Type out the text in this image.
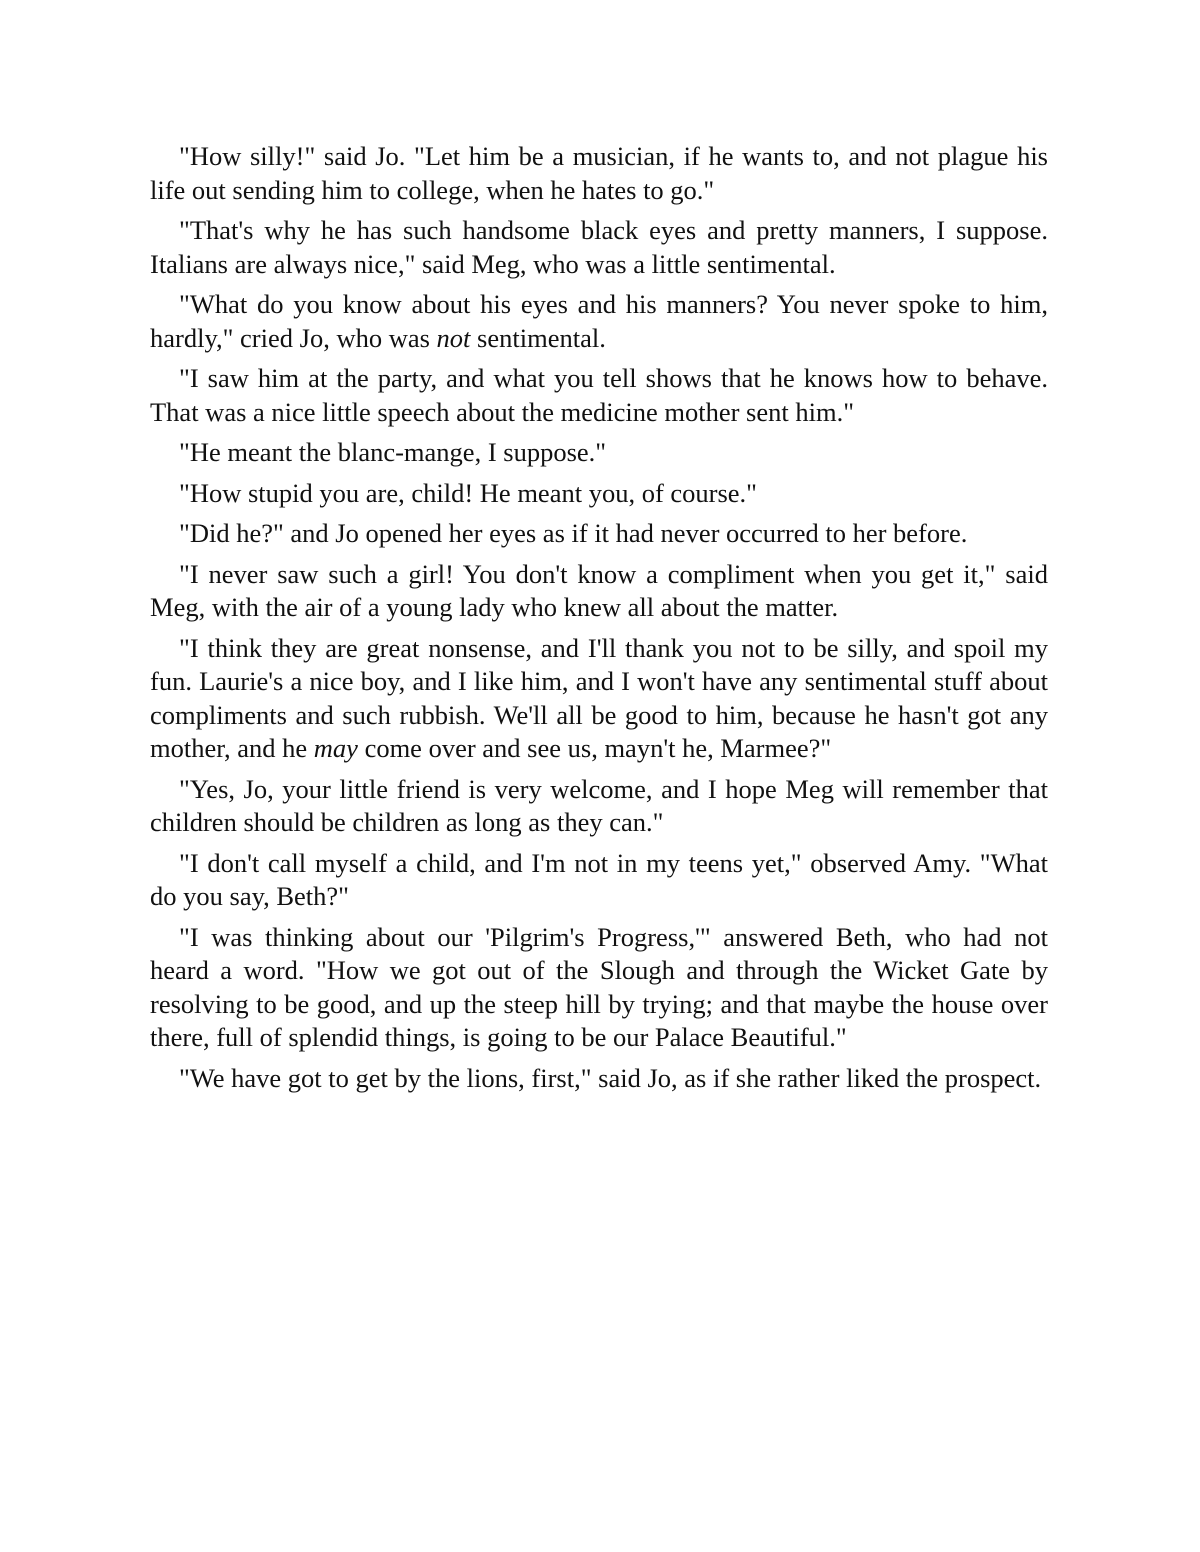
"How silly!" said Jo. "Let him be a musician, if he wants to, and not plague his life out sending him to college, when he hates to go."

"That's why he has such handsome black eyes and pretty manners, I suppose. Italians are always nice," said Meg, who was a little sentimental.

"What do you know about his eyes and his manners? You never spoke to him, hardly," cried Jo, who was not sentimental.

"I saw him at the party, and what you tell shows that he knows how to behave. That was a nice little speech about the medicine mother sent him."

"He meant the blanc-mange, I suppose."

"How stupid you are, child! He meant you, of course."

"Did he?" and Jo opened her eyes as if it had never occurred to her before.

"I never saw such a girl! You don't know a compliment when you get it," said Meg, with the air of a young lady who knew all about the matter.

"I think they are great nonsense, and I'll thank you not to be silly, and spoil my fun. Laurie's a nice boy, and I like him, and I won't have any sentimental stuff about compliments and such rubbish. We'll all be good to him, because he hasn't got any mother, and he may come over and see us, mayn't he, Marmee?"

"Yes, Jo, your little friend is very welcome, and I hope Meg will remember that children should be children as long as they can."

"I don't call myself a child, and I'm not in my teens yet," observed Amy. "What do you say, Beth?"

"I was thinking about our 'Pilgrim's Progress,'" answered Beth, who had not heard a word. "How we got out of the Slough and through the Wicket Gate by resolving to be good, and up the steep hill by trying; and that maybe the house over there, full of splendid things, is going to be our Palace Beautiful."

"We have got to get by the lions, first," said Jo, as if she rather liked the prospect.
